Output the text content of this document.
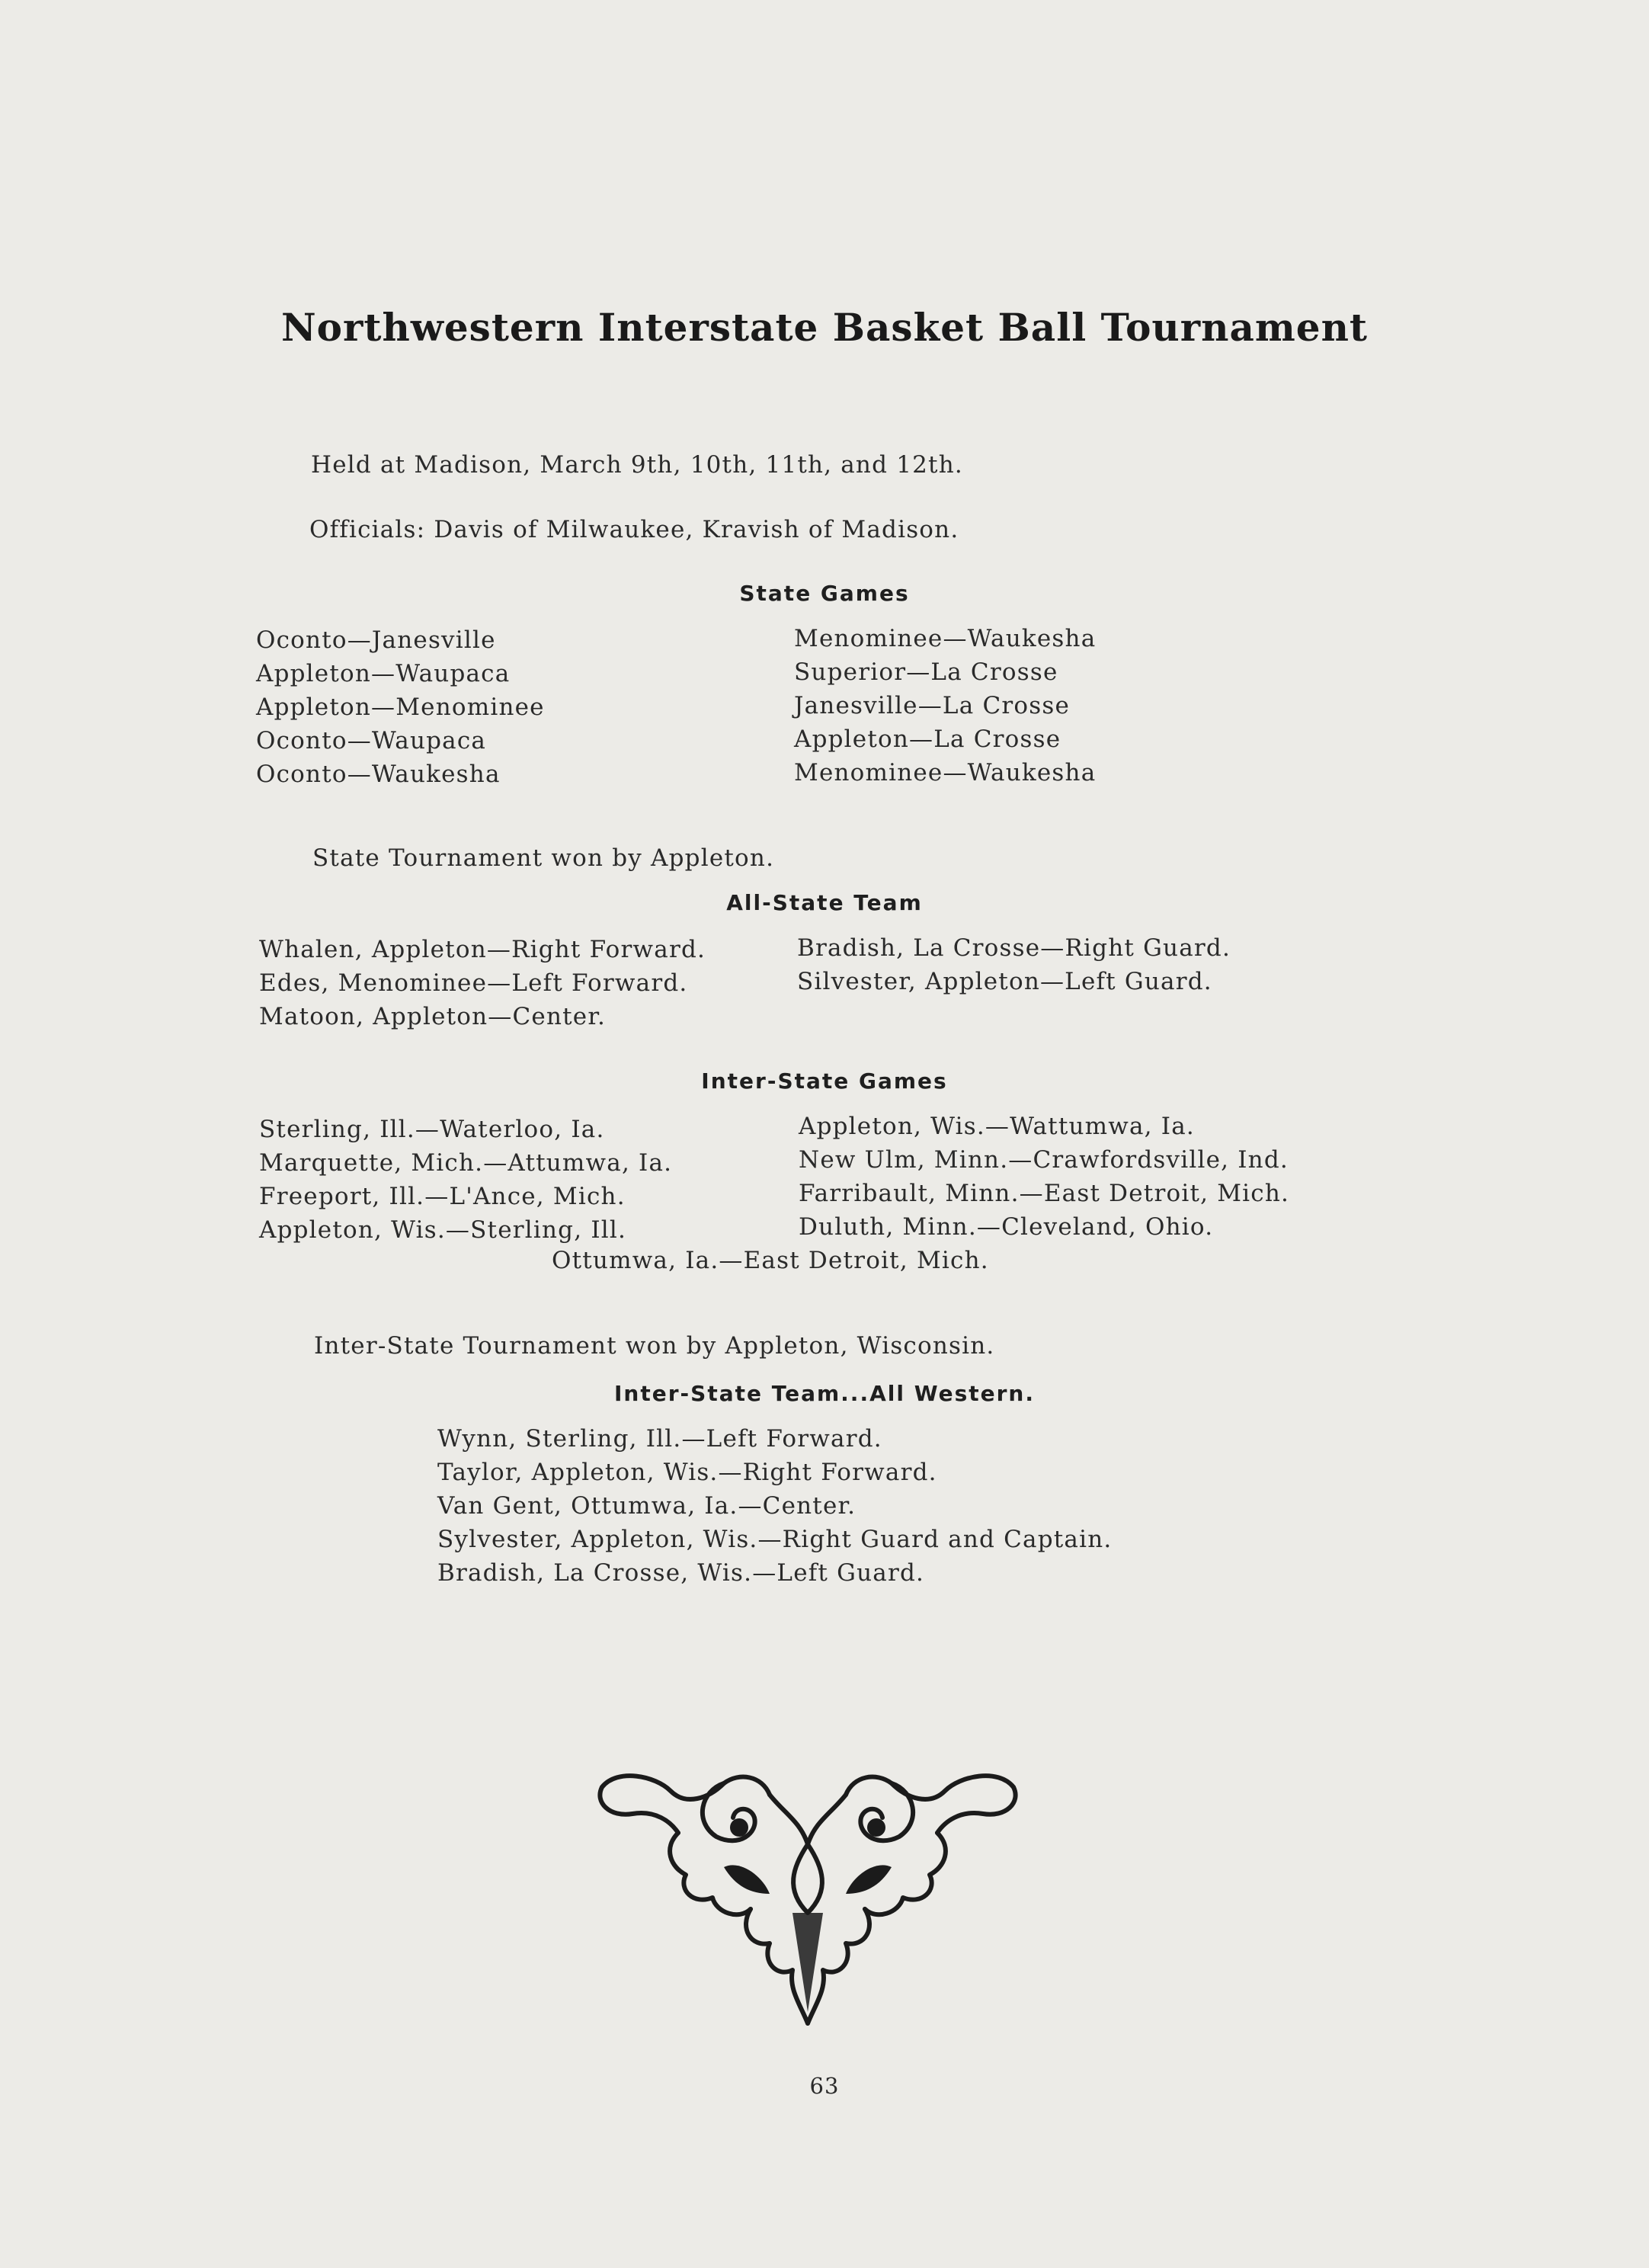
Northwestern Interstate Basket Ball Tournament
Held at Madison, March 9th, 10th, 11th, and 12th.
Officials: Davis of Milwaukee, Kravish of Madison.
State Games
Oconto—Janesville
Appleton—Waupaca
Appleton—Menominee
Oconto—Waupaca
Oconto—Waukesha
Menominee—Waukesha
Superior—La Crosse
Janesville—La Crosse
Appleton—La Crosse
Menominee—Waukesha
State Tournament won by Appleton.
All-State Team
Whalen, Appleton—Right Forward.
Edes, Menominee—Left Forward.
Matoon, Appleton—Center.
Bradish, La Crosse—Right Guard.
Silvester, Appleton—Left Guard.
Inter-State Games
Sterling, Ill.—Waterloo, Ia.
Marquette, Mich.—Attumwa, Ia.
Freeport, Ill.—L'Ance, Mich.
Appleton, Wis.—Sterling, Ill.
Appleton, Wis.—Wattumwa, Ia.
New Ulm, Minn.—Crawfordsville, Ind.
Farribault, Minn.—East Detroit, Mich.
Duluth, Minn.—Cleveland, Ohio.
Ottumwa, Ia.—East Detroit, Mich.
Inter-State Tournament won by Appleton, Wisconsin.
Inter-State Team...All Western.
Wynn, Sterling, Ill.—Left Forward.
Taylor, Appleton, Wis.—Right Forward.
Van Gent, Ottumwa, Ia.—Center.
Sylvester, Appleton, Wis.—Right Guard and Captain.
Bradish, La Crosse, Wis.—Left Guard.
63
